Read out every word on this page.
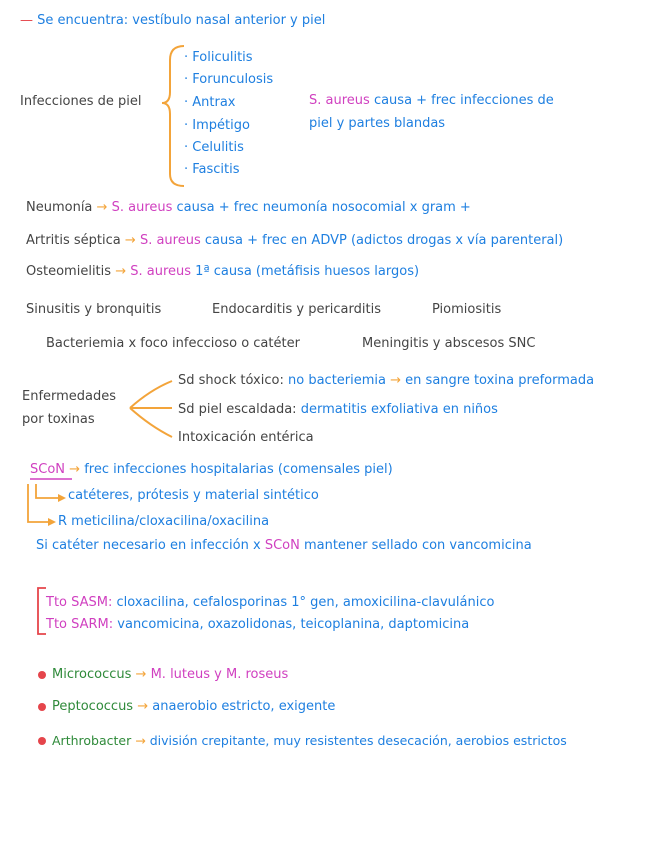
— Se encuentra: vestíbulo nasal anterior y piel
Infecciones de piel
· Foliculitis
· Forunculosis
· Antrax
· Impétigo
· Celulitis
· Fascitis
S. aureus causa + frec infecciones de
piel y partes blandas
Neumonía → S. aureus causa + frec neumonía nosocomial x gram +
Artritis séptica → S. aureus causa + frec en ADVP (adictos drogas x vía parenteral)
Osteomielitis → S. aureus 1ª causa (metáfisis huesos largos)
Sinusitis y bronquitis	Endocarditis y pericarditis	Piomiositis
Bacteriemia x foco infeccioso o catéter	Meningitis y abscesos SNC
Enfermedades
por toxinas
Sd shock tóxico: no bacteriemia → en sangre toxina preformada
Sd piel escaldada: dermatitis exfoliativa en niños
Intoxicación entérica
SCoN → frec infecciones hospitalarias (comensales piel)
catéteres, prótesis y material sintético
R meticilina/cloxacilina/oxacilina
Si catéter necesario en infección x SCoN mantener sellado con vancomicina
Tto SASM: cloxacilina, cefalosporinas 1° gen, amoxicilina-clavulánico
Tto SARM: vancomicina, oxazolidonas, teicoplanina, daptomicina
Micrococcus → M. luteus y M. roseus
Peptococcus → anaerobio estricto, exigente
Arthrobacter → división crepitante, muy resistentes desecación, aerobios estrictos
